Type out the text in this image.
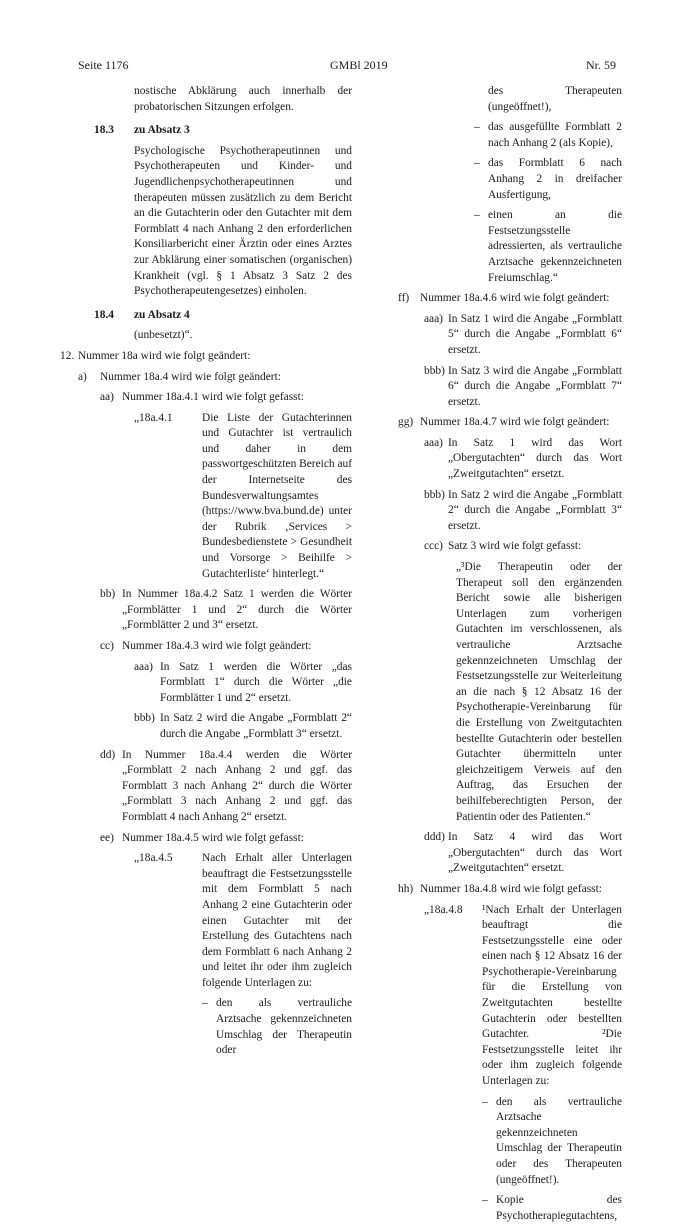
Seite 1176	GMBl 2019	Nr. 59

nostische Abklärung auch innerhalb der probatorischen Sitzungen erfolgen.

18.3	zu Absatz 3

Psychologische Psychotherapeutinnen und Psychotherapeuten und Kinder- und Jugendlichenpsychotherapeutinnen und therapeuten müssen zusätzlich zu dem Bericht an die Gutachterin oder den Gutachter mit dem Formblatt 4 nach Anhang 2 den erforderlichen Konsiliarbericht einer Ärztin oder eines Arztes zur Abklärung einer somatischen (organischen) Krankheit (vgl. § 1 Absatz 3 Satz 2 des Psychotherapeutengesetzes) einholen.

18.4	zu Absatz 4

(unbesetzt)“.

12. Nummer 18a wird wie folgt geändert:

a)	Nummer 18a.4 wird wie folgt geändert:

aa) Nummer 18a.4.1 wird wie folgt gefasst:

„18a.4.1	Die Liste der Gutachterinnen und Gutachter ist vertraulich und daher in dem passwortgeschützten Bereich auf der Internetseite des Bundesverwaltungsamtes (https://www.bva.bund.de) unter der Rubrik ‚Services > Bundesbedienstete > Gesundheit und Vorsorge > Beihilfe > Gutachterliste‘ hinterlegt.“

bb) In Nummer 18a.4.2 Satz 1 werden die Wörter „Formblätter 1 und 2“ durch die Wörter „Formblätter 2 und 3“ ersetzt.

cc) Nummer 18a.4.3 wird wie folgt geändert:

aaa) In Satz 1 werden die Wörter „das Formblatt 1“ durch die Wörter „die Formblätter 1 und 2“ ersetzt.

bbb) In Satz 2 wird die Angabe „Formblatt 2“ durch die Angabe „Formblatt 3“ ersetzt.

dd) In Nummer 18a.4.4 werden die Wörter „Formblatt 2 nach Anhang 2 und ggf. das Formblatt 3 nach Anhang 2“ durch die Wörter „Formblatt 3 nach Anhang 2 und ggf. das Formblatt 4 nach Anhang 2“ ersetzt.

ee) Nummer 18a.4.5 wird wie folgt gefasst:

„18a.4.5	Nach Erhalt aller Unterlagen beauftragt die Festsetzungsstelle mit dem Formblatt 5 nach Anhang 2 eine Gutachterin oder einen Gutachter mit der Erstellung des Gutachtens nach dem Formblatt 6 nach Anhang 2 und leitet ihr oder ihm zugleich folgende Unterlagen zu:

– den als vertrauliche Arztsache gekennzeichneten Umschlag der Therapeutin oder

des Therapeuten (ungeöffnet!),

– das ausgefüllte Formblatt 2 nach Anhang 2 (als Kopie),

– das Formblatt 6 nach Anhang 2 in dreifacher Ausfertigung,

– einen an die Festsetzungsstelle adressierten, als vertrauliche Arztsache gekennzeichneten Freiumschlag.“

ff) Nummer 18a.4.6 wird wie folgt geändert:

aaa) In Satz 1 wird die Angabe „Formblatt 5“ durch die Angabe „Formblatt 6“ ersetzt.

bbb) In Satz 3 wird die Angabe „Formblatt 6“ durch die Angabe „Formblatt 7“ ersetzt.

gg) Nummer 18a.4.7 wird wie folgt geändert:

aaa) In Satz 1 wird das Wort „Obergutachten“ durch das Wort „Zweitgutachten“ ersetzt.

bbb) In Satz 2 wird die Angabe „Formblatt 2“ durch die Angabe „Formblatt 3“ ersetzt.

ccc) Satz 3 wird wie folgt gefasst:

„³Die Therapeutin oder der Therapeut soll den ergänzenden Bericht sowie alle bisherigen Unterlagen zum vorherigen Gutachten im verschlossenen, als vertrauliche Arztsache gekennzeichneten Umschlag der Festsetzungsstelle zur Weiterleitung an die nach § 12 Absatz 16 der Psychotherapie-Vereinbarung für die Erstellung von Zweitgutachten bestellte Gutachterin oder bestellen Gutachter übermitteln unter gleichzeitigem Verweis auf den Auftrag, das Ersuchen der beihilfeberechtigten Person, der Patientin oder des Patienten.“

ddd) In Satz 4 wird das Wort „Obergutachten“ durch das Wort „Zweitgutachten“ ersetzt.

hh) Nummer 18a.4.8 wird wie folgt gefasst:

„18a.4.8	¹Nach Erhalt der Unterlagen beauftragt die Festsetzungsstelle eine oder einen nach § 12 Absatz 16 der Psychotherapie-Vereinbarung für die Erstellung von Zweitgutachten bestellte Gutachterin oder bestellten Gutachter. ²Die Festsetzungsstelle leitet ihr oder ihm zugleich folgende Unterlagen zu:

– den als vertrauliche Arztsache gekennzeichneten Umschlag der Therapeutin oder des Therapeuten (ungeöffnet!).

– Kopie des Psychotherapiegutachtens,
